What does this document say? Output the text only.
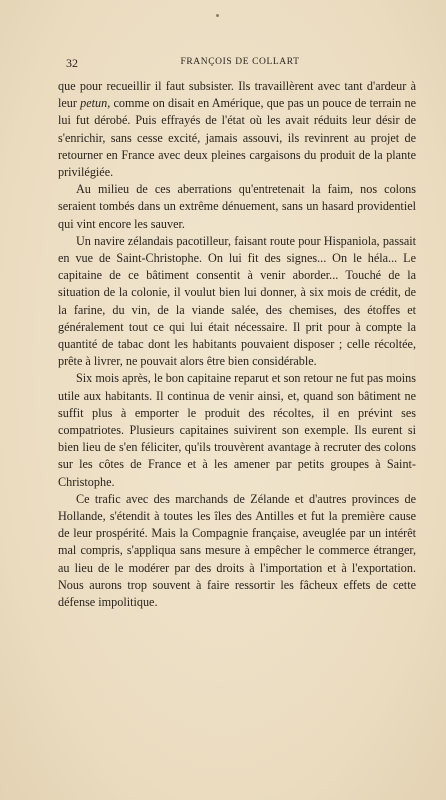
32	FRANÇOIS DE COLLART

que pour recueillir il faut subsister. Ils travaillèrent avec tant d'ardeur à leur petun, comme on disait en Amérique, que pas un pouce de terrain ne lui fut dérobé. Puis effrayés de l'état où les avait réduits leur désir de s'enrichir, sans cesse excité, jamais assouvi, ils revinrent au projet de retourner en France avec deux pleines cargaisons du produit de la plante privilégiée.

Au milieu de ces aberrations qu'entretenait la faim, nos colons seraient tombés dans un extrême dénuement, sans un hasard providentiel qui vint encore les sauver.

Un navire zélandais pacotilleur, faisant route pour Hispaniola, passait en vue de Saint-Christophe. On lui fit des signes... On le héla... Le capitaine de ce bâtiment consentit à venir aborder... Touché de la situation de la colonie, il voulut bien lui donner, à six mois de crédit, de la farine, du vin, de la viande salée, des chemises, des étoffes et généralement tout ce qui lui était nécessaire. Il prit pour à compte la quantité de tabac dont les habitants pouvaient disposer ; celle récoltée, prête à livrer, ne pouvait alors être bien considérable.

Six mois après, le bon capitaine reparut et son retour ne fut pas moins utile aux habitants. Il continua de venir ainsi, et, quand son bâtiment ne suffit plus à emporter le produit des récoltes, il en prévint ses compatriotes. Plusieurs capitaines suivirent son exemple. Ils eurent si bien lieu de s'en féliciter, qu'ils trouvèrent avantage à recruter des colons sur les côtes de France et à les amener par petits groupes à Saint-Christophe.

Ce trafic avec des marchands de Zélande et d'autres provinces de Hollande, s'étendit à toutes les îles des Antilles et fut la première cause de leur prospérité. Mais la Compagnie française, aveuglée par un intérêt mal compris, s'appliqua sans mesure à empêcher le commerce étranger, au lieu de le modérer par des droits à l'importation et à l'exportation. Nous aurons trop souvent à faire ressortir les fâcheux effets de cette défense impolitique.
